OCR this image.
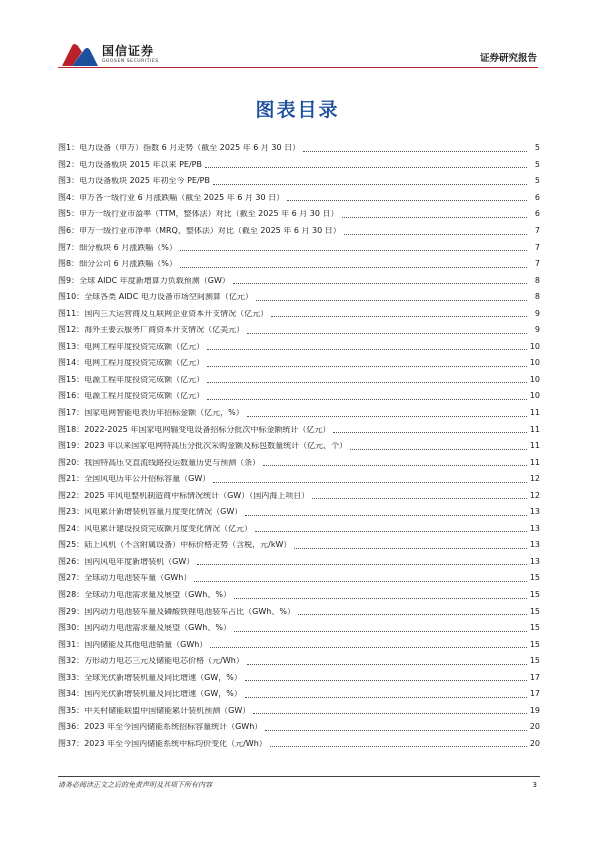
国信证券
GUOSEN SECURITIES	证券研究报告
图表目录
图1： 电力设备（申万）指数 6 月走势（截至 2025 年 6 月 30 日）	5
图2： 电力设备板块 2015 年以来 PE/PB	5
图3： 电力设备板块 2025 年初至今 PE/PB	5
图4： 申万各一级行业 6 月涨跌幅（截至 2025 年 6 月 30 日）	6
图5： 申万一级行业市盈率（TTM，整体法）对比（截至 2025 年 6 月 30 日）	6
图6： 申万一级行业市净率（MRQ，整体法）对比（截至 2025 年 6 月 30 日）	7
图7： 细分板块 6 月涨跌幅（%）	7
图8： 细分公司 6 月涨跌幅（%）	7
图9： 全球 AIDC 年度新增算力负载预测（GW）	8
图10： 全球各类 AIDC 电力设备市场空间测算（亿元）	8
图11： 国内三大运营商及互联网企业资本开支情况（亿元）	9
图12： 海外主要云服务厂商资本开支情况（亿美元）	9
图13： 电网工程年度投资完成额（亿元）	10
图14： 电网工程月度投资完成额（亿元）	10
图15： 电源工程年度投资完成额（亿元）	10
图16： 电源工程月度投资完成额（亿元）	10
图17： 国家电网智能电表历年招标金额（亿元，%）	11
图18： 2022-2025 年国家电网输变电设备招标分批次中标金额统计（亿元）	11
图19： 2023 年以来国家电网特高压分批次采购金额及标包数量统计（亿元、个）	11
图20： 我国特高压交直流线路投运数量历史与预测（条）	11
图21： 全国风电历年公开招标容量（GW）	12
图22： 2025 年风电整机制造商中标情况统计（GW）（国内海上项目）	12
图23： 风电累计新增装机容量月度变化情况（GW）	13
图24： 风电累计建设投资完成额月度变化情况（亿元）	13
图25： 陆上风机（不含附属设备）中标价格走势（含税，元/kW）	13
图26： 国内风电年度新增装机（GW）	13
图27： 全球动力电池装车量（GWh）	15
图28： 全球动力电池需求量及展望（GWh、%）	15
图29： 国内动力电池装车量及磷酸铁锂电池装车占比（GWh、%）	15
图30： 国内动力电池需求量及展望（GWh、%）	15
图31： 国内储能及其他电池销量（GWh）	15
图32： 方形动力电芯三元及储能电芯价格（元/Wh）	15
图33： 全球光伏新增装机量及同比增速（GW，%）	17
图34： 国内光伏新增装机量及同比增速（GW，%）	17
图35： 中关村储能联盟中国储能累计装机预测（GW）	19
图36： 2023 年至今国内储能系统招标容量统计（GWh）	20
图37： 2023 年至今国内储能系统中标均价变化（元/Wh）	20
请务必阅读正文之后的免责声明及其项下所有内容	3
